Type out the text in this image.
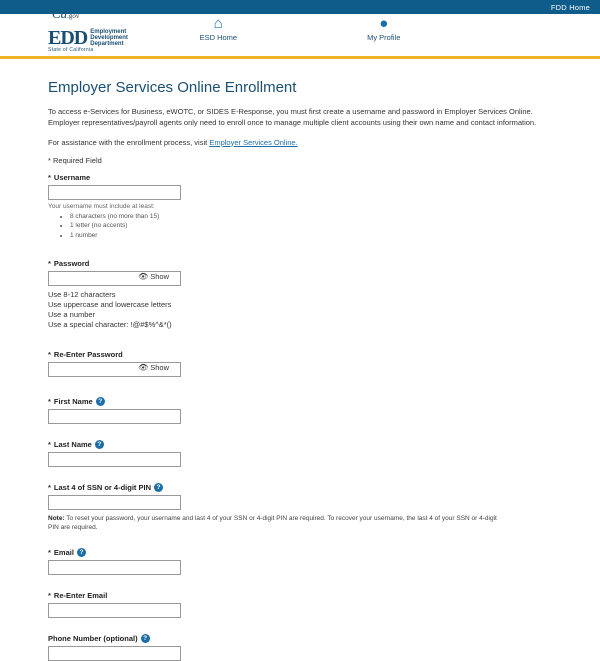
FDD Home
Ca.gov
EDD Employment
Development
Department
State of California
⌂
ESD Home
●
My Profile
Employer Services Online Enrollment
To access e-Services for Business, eWOTC, or SIDES E-Response, you must first create a username and password in Employer Services Online. Employer representatives/payroll agents only need to enroll once to manage multiple client accounts using their own name and contact information.
For assistance with the enrollment process, visit Employer Services Online.
* Required Field
* Username
Your username must include at least:
• 8 characters (no more than 15)
• 1 letter (no accents)
• 1 number
* Password
👁 Show
Use 8-12 characters
Use uppercase and lowercase letters
Use a number
Use a special character: !@#$%^&*()
* Re-Enter Password
👁 Show
* First Name ?
* Last Name ?
* Last 4 of SSN or 4-digit PIN ?
Note: To reset your password, your username and last 4 of your SSN or 4-digit PIN are required. To recover your username, the last 4 of your SSN or 4-digit PIN are required.
* Email ?
* Re-Enter Email
Phone Number (optional) ?
